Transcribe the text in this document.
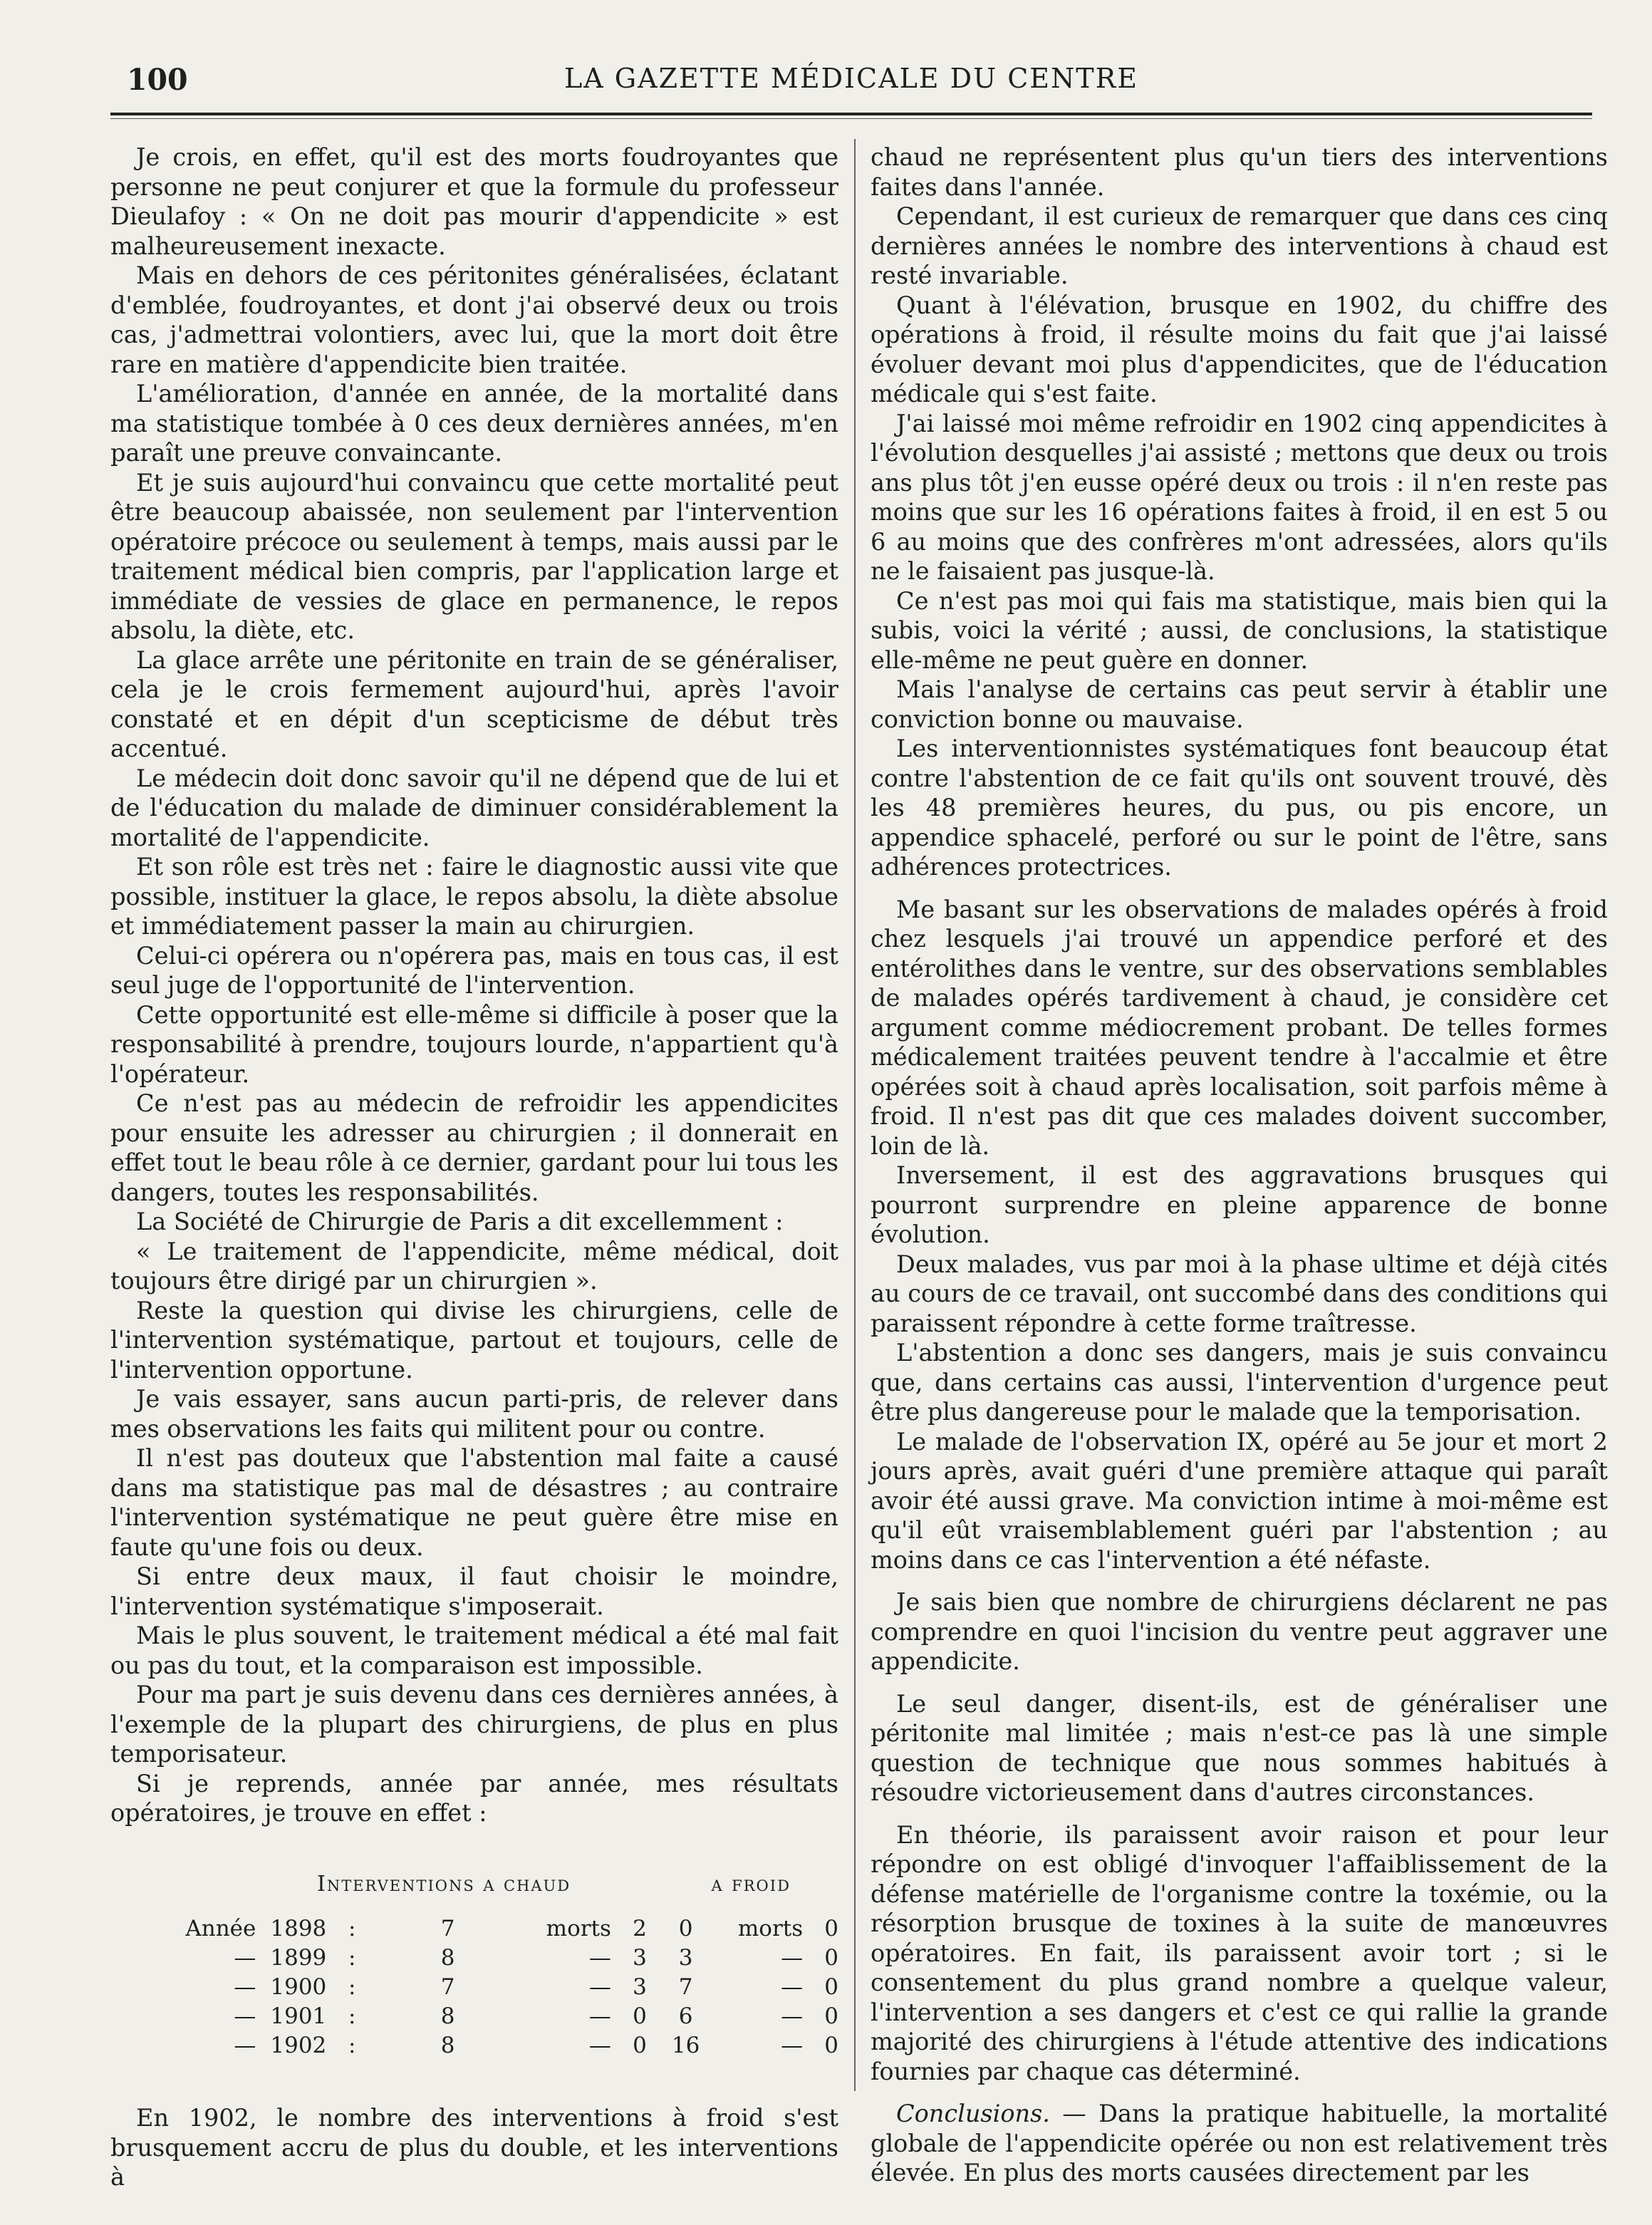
100	LA GAZETTE MÉDICALE DU CENTRE

Je crois, en effet, qu'il est des morts foudroyantes que personne ne peut conjurer et que la formule du professeur Dieulafoy : « On ne doit pas mourir d'appendicite » est malheureusement inexacte.

Mais en dehors de ces péritonites généralisées, éclatant d'emblée, foudroyantes, et dont j'ai observé deux ou trois cas, j'admettrai volontiers, avec lui, que la mort doit être rare en matière d'appendicite bien traitée.

L'amélioration, d'année en année, de la mortalité dans ma statistique tombée à 0 ces deux dernières années, m'en paraît une preuve convaincante.

Et je suis aujourd'hui convaincu que cette mortalité peut être beaucoup abaissée, non seulement par l'intervention opératoire précoce ou seulement à temps, mais aussi par le traitement médical bien compris, par l'application large et immédiate de vessies de glace en permanence, le repos absolu, la diète, etc.

La glace arrête une péritonite en train de se généraliser, cela je le crois fermement aujourd'hui, après l'avoir constaté et en dépit d'un scepticisme de début très accentué.

Le médecin doit donc savoir qu'il ne dépend que de lui et de l'éducation du malade de diminuer considérablement la mortalité de l'appendicite.

Et son rôle est très net : faire le diagnostic aussi vite que possible, instituer la glace, le repos absolu, la diète absolue et immédiatement passer la main au chirurgien.

Celui-ci opérera ou n'opérera pas, mais en tous cas, il est seul juge de l'opportunité de l'intervention.

Cette opportunité est elle-même si difficile à poser que la responsabilité à prendre, toujours lourde, n'appartient qu'à l'opérateur.

Ce n'est pas au médecin de refroidir les appendicites pour ensuite les adresser au chirurgien ; il donnerait en effet tout le beau rôle à ce dernier, gardant pour lui tous les dangers, toutes les responsabilités.

La Société de Chirurgie de Paris a dit excellemment :

« Le traitement de l'appendicite, même médical, doit toujours être dirigé par un chirurgien ».

Reste la question qui divise les chirurgiens, celle de l'intervention systématique, partout et toujours, celle de l'intervention opportune.

Je vais essayer, sans aucun parti-pris, de relever dans mes observations les faits qui militent pour ou contre.

Il n'est pas douteux que l'abstention mal faite a causé dans ma statistique pas mal de désastres ; au contraire l'intervention systématique ne peut guère être mise en faute qu'une fois ou deux.

Si entre deux maux, il faut choisir le moindre, l'intervention systématique s'imposerait.

Mais le plus souvent, le traitement médical a été mal fait ou pas du tout, et la comparaison est impossible.

Pour ma part je suis devenu dans ces dernières années, à l'exemple de la plupart des chirurgiens, de plus en plus temporisateur.

Si je reprends, année par année, mes résultats opératoires, je trouve en effet :

Interventions a chaud	a froid
Année 1898 :	7	morts 2	0	morts 0
— 1899 :	8	— 3	3	— 0
— 1900 :	7	— 3	7	— 0
— 1901 :	8	— 0	6	— 0
— 1902 :	8	— 0	16	— 0

En 1902, le nombre des interventions à froid s'est brusquement accru de plus du double, et les interventions à

chaud ne représentent plus qu'un tiers des interventions faites dans l'année.

Cependant, il est curieux de remarquer que dans ces cinq dernières années le nombre des interventions à chaud est resté invariable.

Quant à l'élévation, brusque en 1902, du chiffre des opérations à froid, il résulte moins du fait que j'ai laissé évoluer devant moi plus d'appendicites, que de l'éducation médicale qui s'est faite.

J'ai laissé moi même refroidir en 1902 cinq appendicites à l'évolution desquelles j'ai assisté ; mettons que deux ou trois ans plus tôt j'en eusse opéré deux ou trois : il n'en reste pas moins que sur les 16 opérations faites à froid, il en est 5 ou 6 au moins que des confrères m'ont adressées, alors qu'ils ne le faisaient pas jusque-là.

Ce n'est pas moi qui fais ma statistique, mais bien qui la subis, voici la vérité ; aussi, de conclusions, la statistique elle-même ne peut guère en donner.

Mais l'analyse de certains cas peut servir à établir une conviction bonne ou mauvaise.

Les interventionnistes systématiques font beaucoup état contre l'abstention de ce fait qu'ils ont souvent trouvé, dès les 48 premières heures, du pus, ou pis encore, un appendice sphacelé, perforé ou sur le point de l'être, sans adhérences protectrices.

Me basant sur les observations de malades opérés à froid chez lesquels j'ai trouvé un appendice perforé et des entérolithes dans le ventre, sur des observations semblables de malades opérés tardivement à chaud, je considère cet argument comme médiocrement probant. De telles formes médicalement traitées peuvent tendre à l'accalmie et être opérées soit à chaud après localisation, soit parfois même à froid. Il n'est pas dit que ces malades doivent succomber, loin de là.

Inversement, il est des aggravations brusques qui pourront surprendre en pleine apparence de bonne évolution.

Deux malades, vus par moi à la phase ultime et déjà cités au cours de ce travail, ont succombé dans des conditions qui paraissent répondre à cette forme traîtresse.

L'abstention a donc ses dangers, mais je suis convaincu que, dans certains cas aussi, l'intervention d'urgence peut être plus dangereuse pour le malade que la temporisation.

Le malade de l'observation IX, opéré au 5e jour et mort 2 jours après, avait guéri d'une première attaque qui paraît avoir été aussi grave. Ma conviction intime à moi-même est qu'il eût vraisemblablement guéri par l'abstention ; au moins dans ce cas l'intervention a été néfaste.

Je sais bien que nombre de chirurgiens déclarent ne pas comprendre en quoi l'incision du ventre peut aggraver une appendicite.

Le seul danger, disent-ils, est de généraliser une péritonite mal limitée ; mais n'est-ce pas là une simple question de technique que nous sommes habitués à résoudre victorieusement dans d'autres circonstances.

En théorie, ils paraissent avoir raison et pour leur répondre on est obligé d'invoquer l'affaiblissement de la défense matérielle de l'organisme contre la toxémie, ou la résorption brusque de toxines à la suite de manœuvres opératoires. En fait, ils paraissent avoir tort ; si le consentement du plus grand nombre a quelque valeur, l'intervention a ses dangers et c'est ce qui rallie la grande majorité des chirurgiens à l'étude attentive des indications fournies par chaque cas déterminé.

Conclusions. — Dans la pratique habituelle, la mortalité globale de l'appendicite opérée ou non est relativement très élevée. En plus des morts causées directement par les
